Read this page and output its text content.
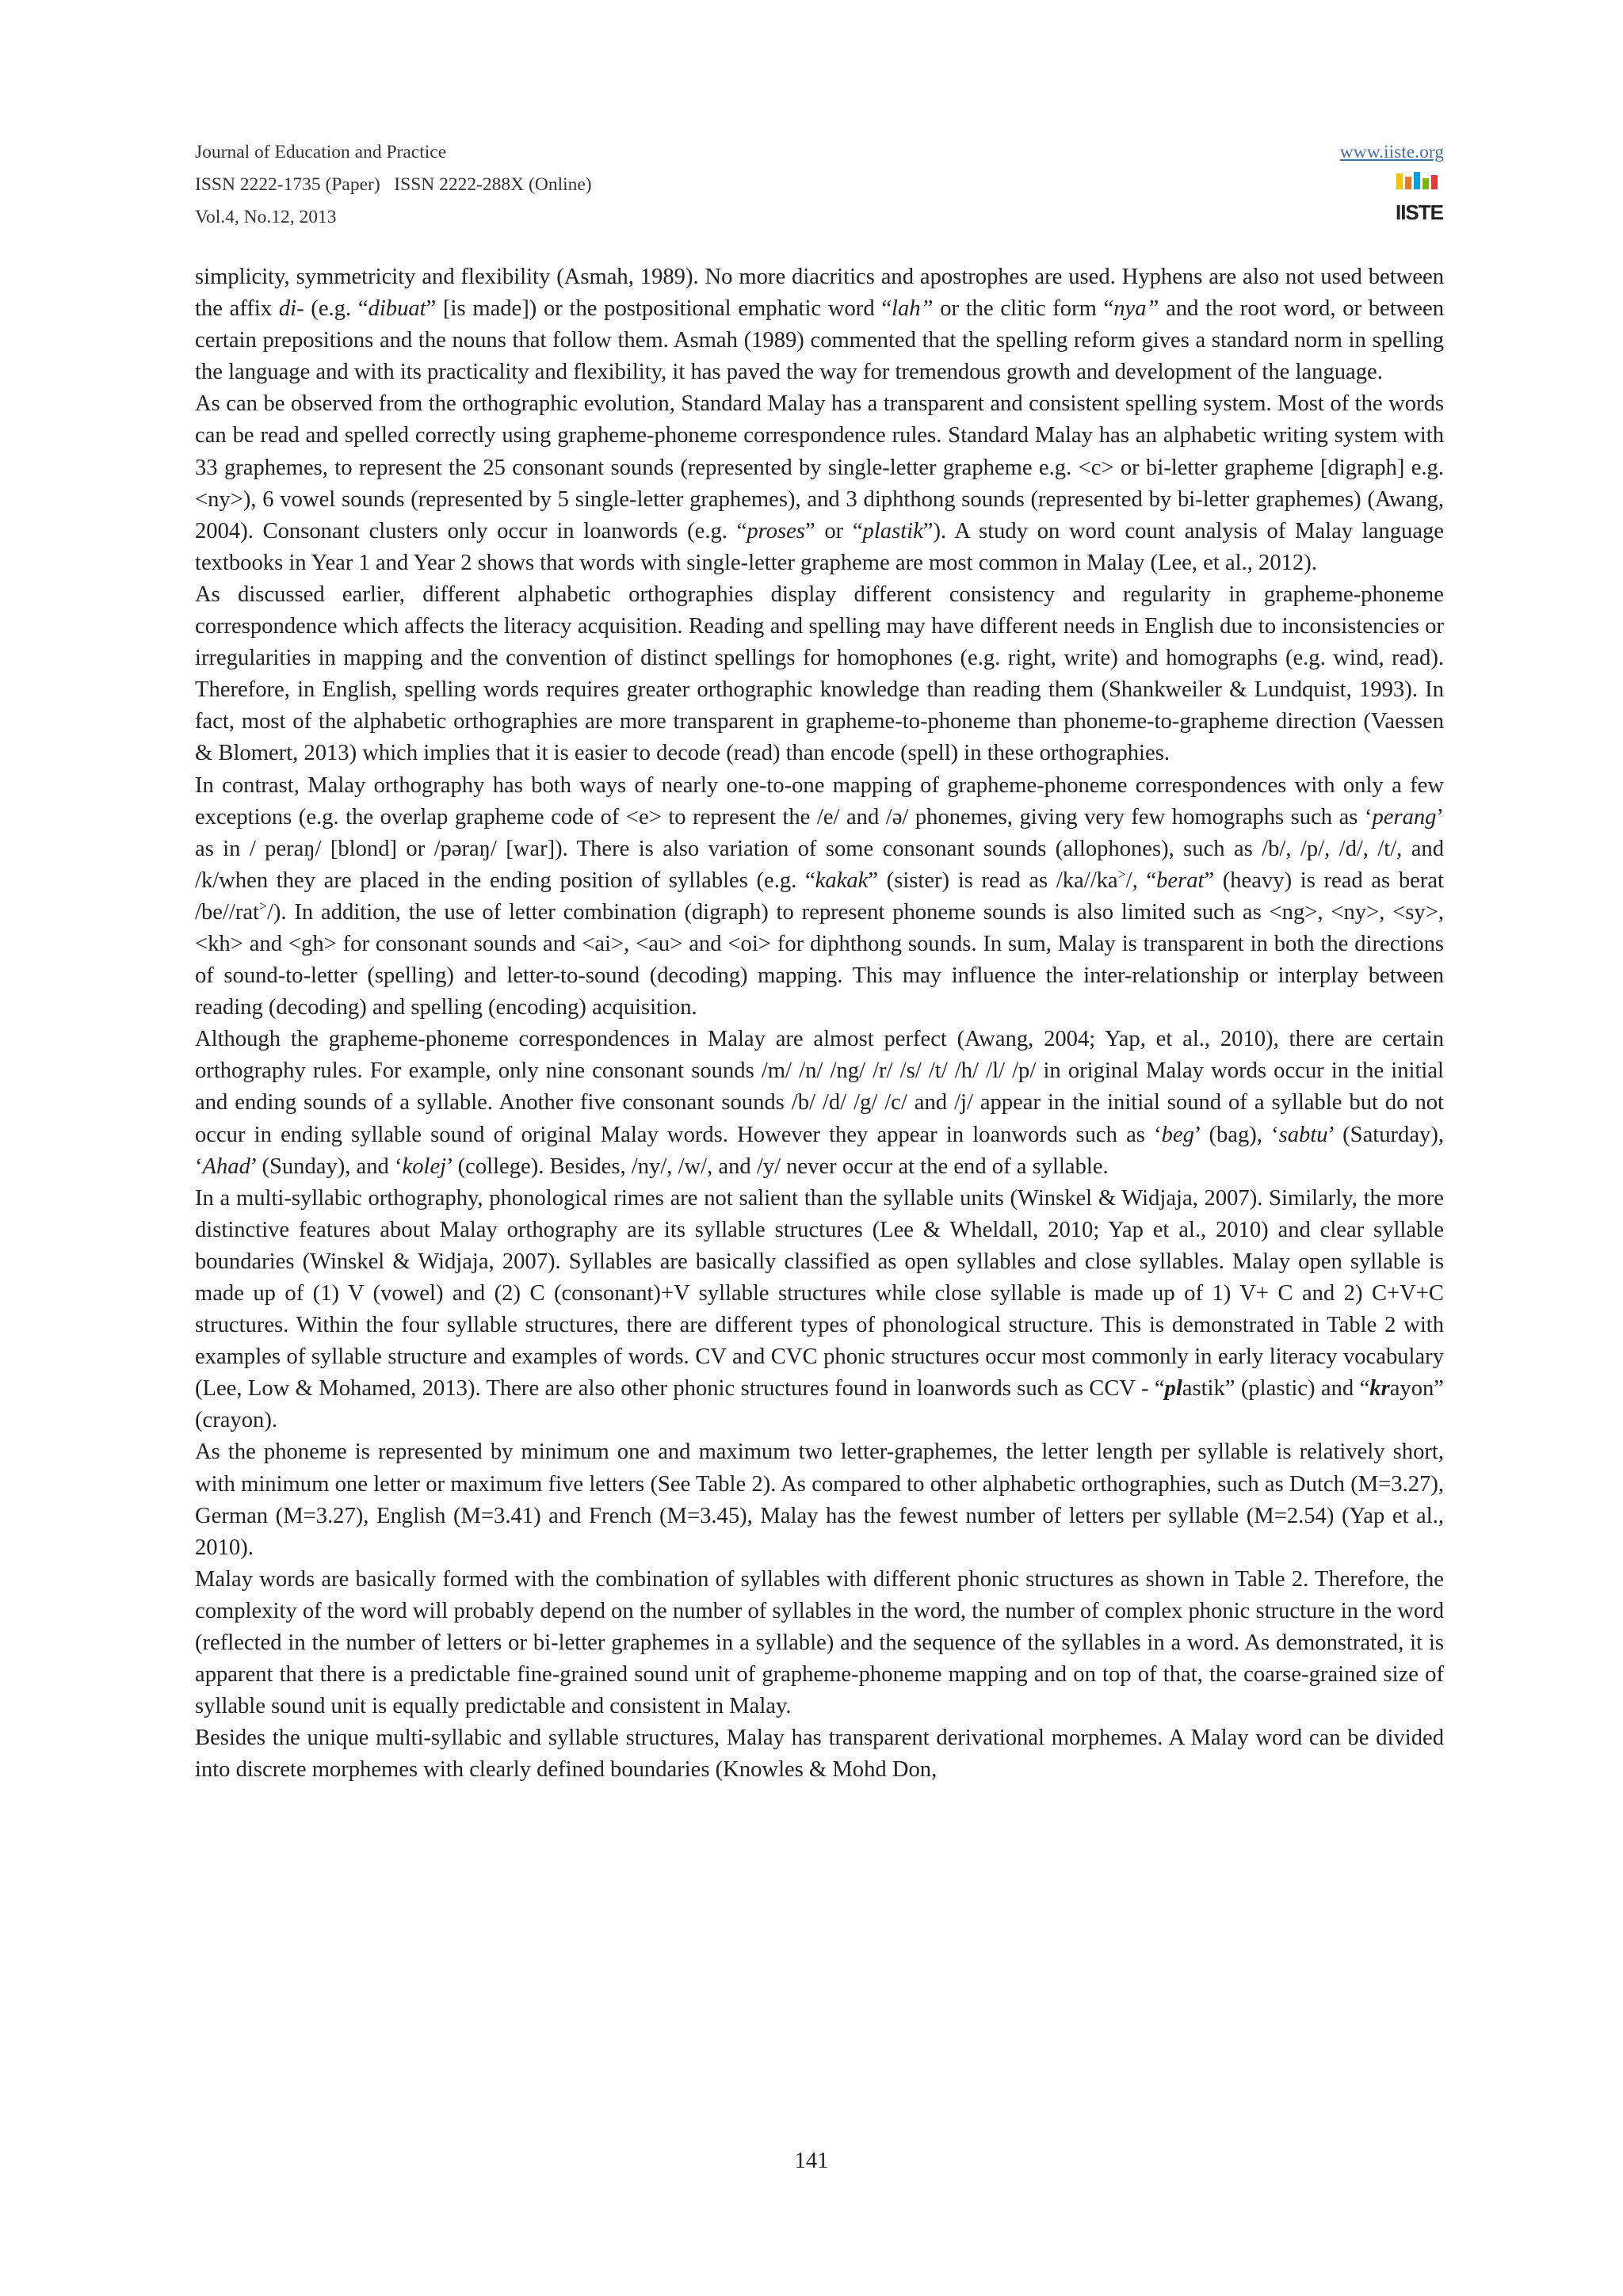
Journal of Education and Practice
ISSN 2222-1735 (Paper)   ISSN 2222-288X (Online)
Vol.4, No.12, 2013
www.iiste.org
IISTE

simplicity, symmetricity and flexibility (Asmah, 1989). No more diacritics and apostrophes are used. Hyphens are also not used between the affix di- (e.g. “dibuat” [is made]) or the postpositional emphatic word “lah” or the clitic form “nya” and the root word, or between certain prepositions and the nouns that follow them. Asmah (1989) commented that the spelling reform gives a standard norm in spelling the language and with its practicality and flexibility, it has paved the way for tremendous growth and development of the language.

As can be observed from the orthographic evolution, Standard Malay has a transparent and consistent spelling system. Most of the words can be read and spelled correctly using grapheme-phoneme correspondence rules. Standard Malay has an alphabetic writing system with 33 graphemes, to represent the 25 consonant sounds (represented by single-letter grapheme e.g. <c> or bi-letter grapheme [digraph] e.g. <ny>), 6 vowel sounds (represented by 5 single-letter graphemes), and 3 diphthong sounds (represented by bi-letter graphemes) (Awang, 2004). Consonant clusters only occur in loanwords (e.g. “proses” or “plastik”). A study on word count analysis of Malay language textbooks in Year 1 and Year 2 shows that words with single-letter grapheme are most common in Malay (Lee, et al., 2012).

As discussed earlier, different alphabetic orthographies display different consistency and regularity in grapheme-phoneme correspondence which affects the literacy acquisition. Reading and spelling may have different needs in English due to inconsistencies or irregularities in mapping and the convention of distinct spellings for homophones (e.g. right, write) and homographs (e.g. wind, read). Therefore, in English, spelling words requires greater orthographic knowledge than reading them (Shankweiler & Lundquist, 1993). In fact, most of the alphabetic orthographies are more transparent in grapheme-to-phoneme than phoneme-to-grapheme direction (Vaessen & Blomert, 2013) which implies that it is easier to decode (read) than encode (spell) in these orthographies.

In contrast, Malay orthography has both ways of nearly one-to-one mapping of grapheme-phoneme correspondences with only a few exceptions (e.g. the overlap grapheme code of <e> to represent the /e/ and /ə/ phonemes, giving very few homographs such as ‘perang’ as in / peraŋ/ [blond] or /pəraŋ/ [war]). There is also variation of some consonant sounds (allophones), such as /b/, /p/, /d/, /t/, and /k/when they are placed in the ending position of syllables (e.g. “kakak” (sister) is read as /ka//ka>/, “berat” (heavy) is read as berat /be//rat>/). In addition, the use of letter combination (digraph) to represent phoneme sounds is also limited such as <ng>, <ny>, <sy>, <kh> and <gh> for consonant sounds and <ai>, <au> and <oi> for diphthong sounds. In sum, Malay is transparent in both the directions of sound-to-letter (spelling) and letter-to-sound (decoding) mapping. This may influence the inter-relationship or interplay between reading (decoding) and spelling (encoding) acquisition.

Although the grapheme-phoneme correspondences in Malay are almost perfect (Awang, 2004; Yap, et al., 2010), there are certain orthography rules. For example, only nine consonant sounds /m/ /n/ /ng/ /r/ /s/ /t/ /h/ /l/ /p/ in original Malay words occur in the initial and ending sounds of a syllable. Another five consonant sounds /b/ /d/ /g/ /c/ and /j/ appear in the initial sound of a syllable but do not occur in ending syllable sound of original Malay words. However they appear in loanwords such as ‘beg’ (bag), ‘sabtu’ (Saturday), ‘Ahad’ (Sunday), and ‘kolej’ (college). Besides, /ny/, /w/, and /y/ never occur at the end of a syllable.

In a multi-syllabic orthography, phonological rimes are not salient than the syllable units (Winskel & Widjaja, 2007). Similarly, the more distinctive features about Malay orthography are its syllable structures (Lee & Wheldall, 2010; Yap et al., 2010) and clear syllable boundaries (Winskel & Widjaja, 2007). Syllables are basically classified as open syllables and close syllables. Malay open syllable is made up of (1) V (vowel) and (2) C (consonant)+V syllable structures while close syllable is made up of 1) V+ C and 2) C+V+C structures. Within the four syllable structures, there are different types of phonological structure. This is demonstrated in Table 2 with examples of syllable structure and examples of words. CV and CVC phonic structures occur most commonly in early literacy vocabulary (Lee, Low & Mohamed, 2013). There are also other phonic structures found in loanwords such as CCV - “plastik” (plastic) and “krayon” (crayon).

As the phoneme is represented by minimum one and maximum two letter-graphemes, the letter length per syllable is relatively short, with minimum one letter or maximum five letters (See Table 2). As compared to other alphabetic orthographies, such as Dutch (M=3.27), German (M=3.27), English (M=3.41) and French (M=3.45), Malay has the fewest number of letters per syllable (M=2.54) (Yap et al., 2010).

Malay words are basically formed with the combination of syllables with different phonic structures as shown in Table 2. Therefore, the complexity of the word will probably depend on the number of syllables in the word, the number of complex phonic structure in the word (reflected in the number of letters or bi-letter graphemes in a syllable) and the sequence of the syllables in a word. As demonstrated, it is apparent that there is a predictable fine-grained sound unit of grapheme-phoneme mapping and on top of that, the coarse-grained size of syllable sound unit is equally predictable and consistent in Malay.

Besides the unique multi-syllabic and syllable structures, Malay has transparent derivational morphemes. A Malay word can be divided into discrete morphemes with clearly defined boundaries (Knowles & Mohd Don,

141
